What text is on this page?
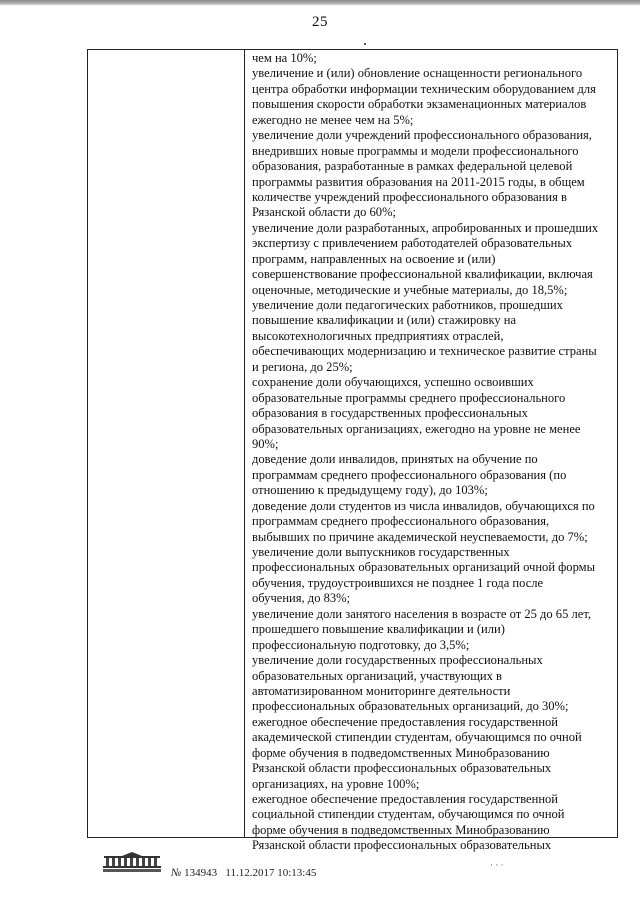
25
чем на 10%;
увеличение и (или) обновление оснащенности регионального
центра обработки информации техническим оборудованием для
повышения скорости обработки экзаменационных материалов
ежегодно не менее чем на 5%;
увеличение доли учреждений профессионального образования,
внедривших новые программы и модели профессионального
образования, разработанные в рамках федеральной целевой
программы развития образования на 2011-2015 годы, в общем
количестве учреждений профессионального образования в
Рязанской области до 60%;
увеличение доли разработанных, апробированных и прошедших
экспертизу с привлечением работодателей образовательных
программ, направленных на освоение и (или)
совершенствование профессиональной квалификации, включая
оценочные, методические и учебные материалы, до 18,5%;
увеличение доли педагогических работников, прошедших
повышение квалификации и (или) стажировку на
высокотехнологичных предприятиях отраслей,
обеспечивающих модернизацию и техническое развитие страны
и региона, до 25%;
сохранение доли обучающихся, успешно освоивших
образовательные программы среднего профессионального
образования в государственных профессиональных
образовательных организациях, ежегодно на уровне не менее
90%;
доведение доли инвалидов, принятых на обучение по
программам среднего профессионального образования (по
отношению к предыдущему году), до 103%;
доведение доли студентов из числа инвалидов, обучающихся по
программам среднего профессионального образования,
выбывших по причине академической неуспеваемости, до 7%;
увеличение доли выпускников государственных
профессиональных образовательных организаций очной формы
обучения, трудоустроившихся не позднее 1 года после
обучения, до 83%;
увеличение доли занятого населения в возрасте от 25 до 65 лет,
прошедшего повышение квалификации и (или)
профессиональную подготовку, до 3,5%;
увеличение доли государственных профессиональных
образовательных организаций, участвующих в
автоматизированном мониторинге деятельности
профессиональных образовательных организаций, до 30%;
ежегодное обеспечение предоставления государственной
академической стипендии студентам, обучающимся по очной
форме обучения в подведомственных Минобразованию
Рязанской области профессиональных образовательных
организациях, на уровне 100%;
ежегодное обеспечение предоставления государственной
социальной стипендии студентам, обучающимся по очной
форме обучения в подведомственных Минобразованию
Рязанской области профессиональных образовательных
№ 134943 11.12.2017 10:13:45
· · ·
